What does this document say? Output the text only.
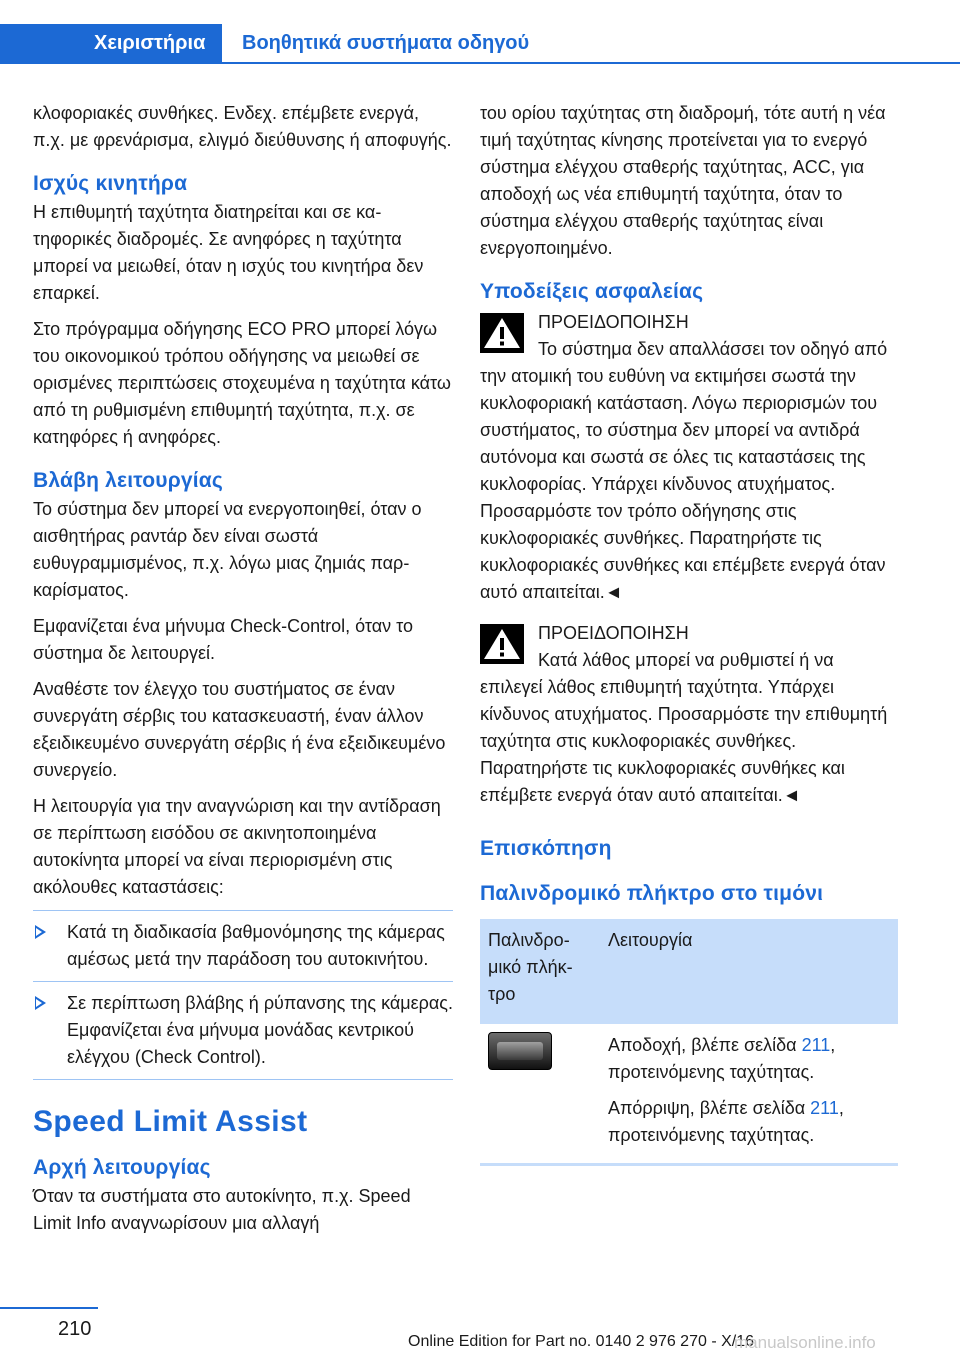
Χειριστήρια	Βοηθητικά συστήματα οδηγού

κλοφοριακές συνθήκες. Ενδεχ. επέμβετε ενεργά, π.χ. με φρενάρισμα, ελιγμό διεύθυνσης ή αποφυγής.

Ισχύς κινητήρα

Η επιθυμητή ταχύτητα διατηρείται και σε κατηφορικές διαδρομές. Σε ανηφόρες η ταχύτητα μπορεί να μειωθεί, όταν η ισχύς του κινητήρα δεν επαρκεί.

Στο πρόγραμμα οδήγησης ECO PRO μπορεί λόγω του οικονομικού τρόπου οδήγησης να μειωθεί σε ορισμένες περιπτώσεις στοχευμένα η ταχύτητα κάτω από τη ρυθμισμένη επιθυμητή ταχύτητα, π.χ. σε κατηφόρες ή ανηφόρες.

Βλάβη λειτουργίας

Το σύστημα δεν μπορεί να ενεργοποιηθεί, όταν ο αισθητήρας ραντάρ δεν είναι σωστά ευθυγραμμισμένος, π.χ. λόγω μιας ζημιάς παρκαρίσματος.

Εμφανίζεται ένα μήνυμα Check-Control, όταν το σύστημα δε λειτουργεί.

Αναθέστε τον έλεγχο του συστήματος σε έναν συνεργάτη σέρβις του κατασκευαστή, έναν άλλον εξειδικευμένο συνεργάτη σέρβις ή ένα εξειδικευμένο συνεργείο.

Η λειτουργία για την αναγνώριση και την αντίδραση σε περίπτωση εισόδου σε ακινητοποιημένα αυτοκίνητα μπορεί να είναι περιορισμένη στις ακόλουθες καταστάσεις:

Κατά τη διαδικασία βαθμονόμησης της κάμερας αμέσως μετά την παράδοση του αυτοκινήτου.
Σε περίπτωση βλάβης ή ρύπανσης της κάμερας. Εμφανίζεται ένα μήνυμα μονάδας κεντρικού ελέγχου (Check Control).
Speed Limit Assist
Αρχή λειτουργίας

Όταν τα συστήματα στο αυτοκίνητο, π.χ. Speed Limit Info αναγνωρίσουν μια αλλαγή

του ορίου ταχύτητας στη διαδρομή, τότε αυτή η νέα τιμή ταχύτητας κίνησης προτείνεται για το ενεργό σύστημα ελέγχου σταθερής ταχύτητας, ACC, για αποδοχή ως νέα επιθυμητή ταχύτητα, όταν το σύστημα ελέγχου σταθερής ταχύτητας είναι ενεργοποιημένο.

Υποδείξεις ασφαλείας

ΠΡΟΕΙΔΟΠΟΙΗΣΗ

Το σύστημα δεν απαλλάσσει τον οδηγό από την ατομική του ευθύνη να εκτιμήσει σωστά την κυκλοφοριακή κατάσταση. Λόγω περιορισμών του συστήματος, το σύστημα δεν μπορεί να αντιδρά αυτόνομα και σωστά σε όλες τις καταστάσεις της κυκλοφορίας. Υπάρχει κίνδυνος ατυχήματος. Προσαρμόστε τον τρόπο οδήγησης στις κυκλοφοριακές συνθήκες. Παρατηρήστε τις κυκλοφοριακές συνθήκες και επέμβετε ενεργά όταν αυτό απαιτείται.◄

ΠΡΟΕΙΔΟΠΟΙΗΣΗ

Κατά λάθος μπορεί να ρυθμιστεί ή να επιλεγεί λάθος επιθυμητή ταχύτητα. Υπάρχει κίνδυνος ατυχήματος. Προσαρμόστε την επιθυμητή ταχύτητα στις κυκλοφοριακές συνθήκες. Παρατηρήστε τις κυκλοφοριακές συνθήκες και επέμβετε ενεργά όταν αυτό απαιτείται.◄

Επισκόπηση
Παλινδρομικό πλήκτρο στο τιμόνι
Παλινδρομικό πλήκτρο	Λειτουργία

	Αποδοχή, βλέπε σελίδα 211, προτεινόμενης ταχύτητας.

Απόρριψη, βλέπε σελίδα 211, προτεινόμενης ταχύτητας.

210
Online Edition for Part no. 0140 2 976 270 - X/16
manualsonline.info
